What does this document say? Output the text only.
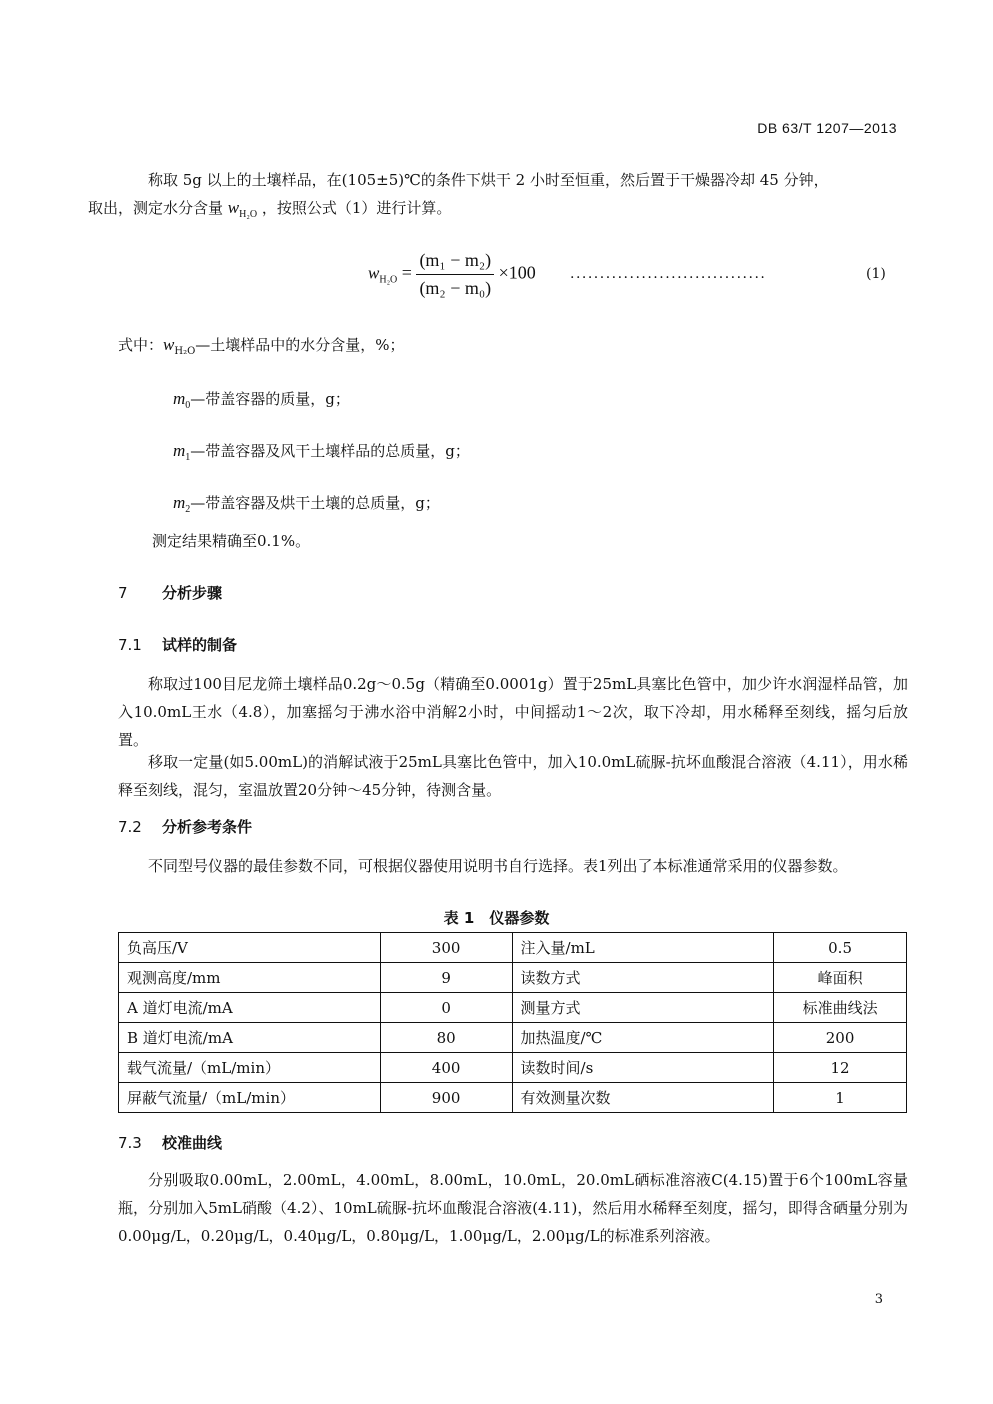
DB 63/T 1207—2013
称取 5g 以上的土壤样品，在(105±5)℃的条件下烘干 2 小时至恒重，然后置于干燥器冷却 45 分钟，
取出，测定水分含量 $w_{H_2O}$ ，按照公式（1）进行计算。
$w_{H_2O} = \frac{\text{(m₁ − m₂)}}{\text{(m₂ − m₀)}} \times 100$ .................................	(1)
式中：$w_{H_2O}—$土壤样品中的水分含量，%；
$m_0—$带盖容器的质量，g；
$m_1—$带盖容器及风干土壤样品的总质量，g；
$m_2—$带盖容器及烘干土壤的总质量，g；
测定结果精确至0.1%。
7 分析步骤
7.1 试样的制备
称取过100目尼龙筛土壤样品0.2g～0.5g（精确至0.0001g）置于25mL具塞比色管中，加少许水润湿样品管，加入10.0mL王水（4.8），加塞摇匀于沸水浴中消解2小时，中间摇动1～2次，取下冷却，用水稀释至刻线，摇匀后放置。
移取一定量(如5.00mL)的消解试液于25mL具塞比色管中，加入10.0mL硫脲-抗坏血酸混合溶液（4.11），用水稀释至刻线，混匀，室温放置20分钟～45分钟，待测含量。
7.2 分析参考条件
不同型号仪器的最佳参数不同，可根据仪器使用说明书自行选择。表1列出了本标准通常采用的仪器参数。
表 1　仪器参数
负高压/V	300	注入量/mL	0.5
观测高度/mm	9	读数方式	峰面积
A 道灯电流/mA	0	测量方式	标准曲线法
B 道灯电流/mA	80	加热温度/℃	200
载气流量/（mL/min）	400	读数时间/s	12
屏蔽气流量/（mL/min）	900	有效测量次数	1
7.3 校准曲线
分别吸取0.00mL，2.00mL，4.00mL，8.00mL，10.0mL，20.0mL硒标准溶液C(4.15)置于6个100mL容量瓶，分别加入5mL硝酸（4.2）、10mL硫脲-抗坏血酸混合溶液(4.11)，然后用水稀释至刻度，摇匀，即得含硒量分别为0.00μg/L，0.20μg/L，0.40μg/L，0.80μg/L，1.00μg/L，2.00μg/L的标准系列溶液。
3
